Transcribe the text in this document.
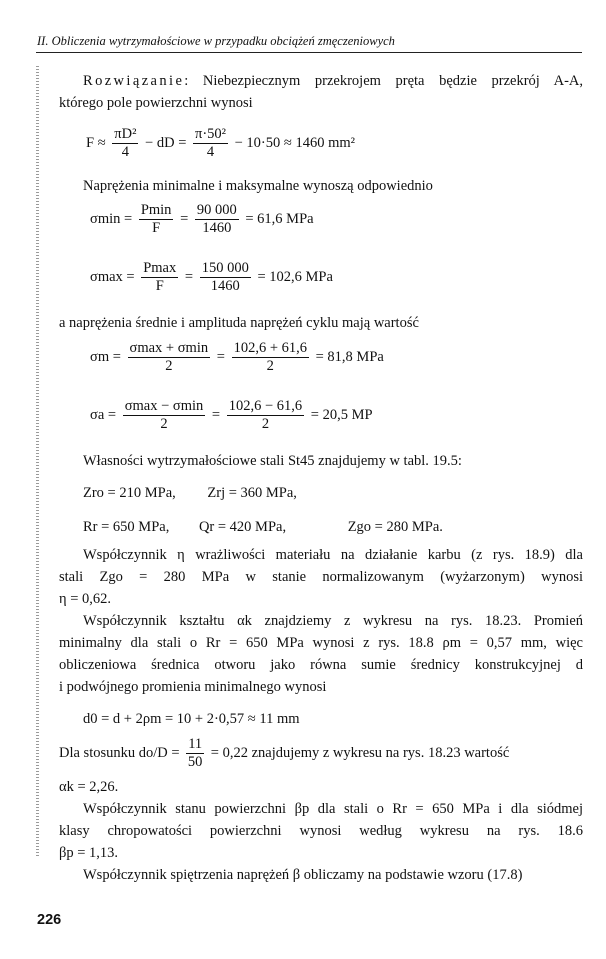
II. Obliczenia wytrzymałościowe w przypadku obciążeń zmęczeniowych
Rozwiązanie: Niebezpiecznym przekrojem pręta będzie przekrój A-A,
którego pole powierzchni wynosi
$F \approx \frac{\text{πD²}}{4}$ − dD = $\frac{\text{π·50²}}{4} - 10\cdot 50 \approx 1460$ mm²
Naprężenia minimalne i maksymalne wynoszą odpowiednio
$\sigma\min = \frac{Pmin}{F} = \frac{90 000}{1460} = 61,6$ MPa
$\sigma\max = \frac{Pmax}{F} = \frac{150 000}{1460} = 102,6$ MPa
a naprężenia średnie i amplituda naprężeń cyklu mają wartość
$\sigma m = \frac{\sigma\max + \sigma\min}{2} = \frac{102,6 + 61,6}{2} = 81,8$ MPa
$\sigma a = \frac{\sigma\max - \sigma\min}{2} = \frac{102,6 - 61,6}{2} = 20,5$ MP
Własności wytrzymałościowe stali St45 znajdujemy w tabl. 19.5:
Zro = 210 MPa, Zrj = 360 MPa,
Rr = 650 MPa, Qr = 420 MPa,	Zgo = 280 MPa.
Współczynnik η wrażliwości materiału na działanie karbu (z rys. 18.9) dla
stali Zgo = 280 MPa w stanie normalizowanym (wyżarzonym) wynosi
η = 0,62.
Współczynnik kształtu αk znajdziemy z wykresu na rys. 18.23. Promień
minimalny dla stali o Rr = 650 MPa wynosi z rys. 18.8 ρm = 0,57 mm, więc
obliczeniowa średnica otworu jako równa sumie średnicy konstrukcyjnej d
i podwójnego promienia minimalnego wynosi
d0 = d + 2ρm = 10 + 2·0,57 ≈ 11 mm
Dla stosunku $do/D = \frac{11}{50} = 0,22$ znajdujemy z wykresu na rys. 18.23 wartość
αk = 2,26.
Współczynnik stanu powierzchni βp dla stali o Rr = 650 MPa i dla siódmej
klasy chropowatości powierzchni wynosi według wykresu na rys. 18.6
βp = 1,13.
Współczynnik spiętrzenia naprężeń β obliczamy na podstawie wzoru (17.8)
226
